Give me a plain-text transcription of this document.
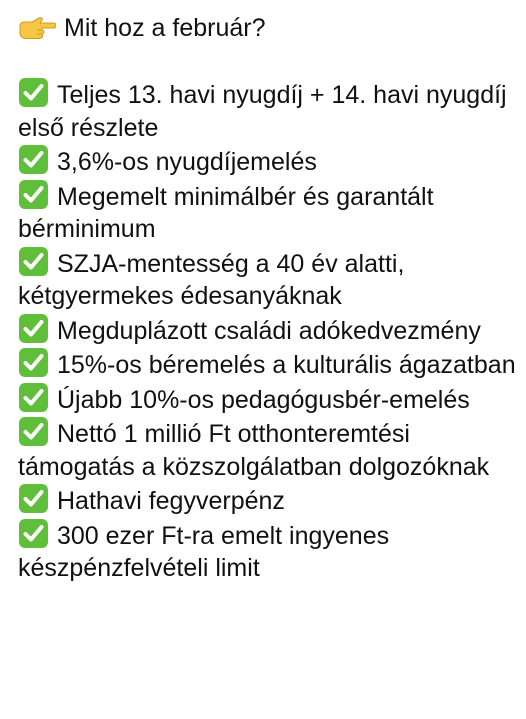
Mit hoz a február?

Teljes 13. havi nyugdíj + 14. havi nyugdíj első részlete

3,6%-os nyugdíjemelés

Megemelt minimálbér és garantált bérminimum

SZJA-mentesség a 40 év alatti, kétgyermekes édesanyáknak

Megduplázott családi adókedvezmény

15%-os béremelés a kulturális ágazatban

Újabb 10%-os pedagógusbér-emelés

Nettó 1 millió Ft otthonteremtési támogatás a közszolgálatban dolgozóknak

Hathavi fegyverpénz

300 ezer Ft-ra emelt ingyenes készpénzfelvételi limit
